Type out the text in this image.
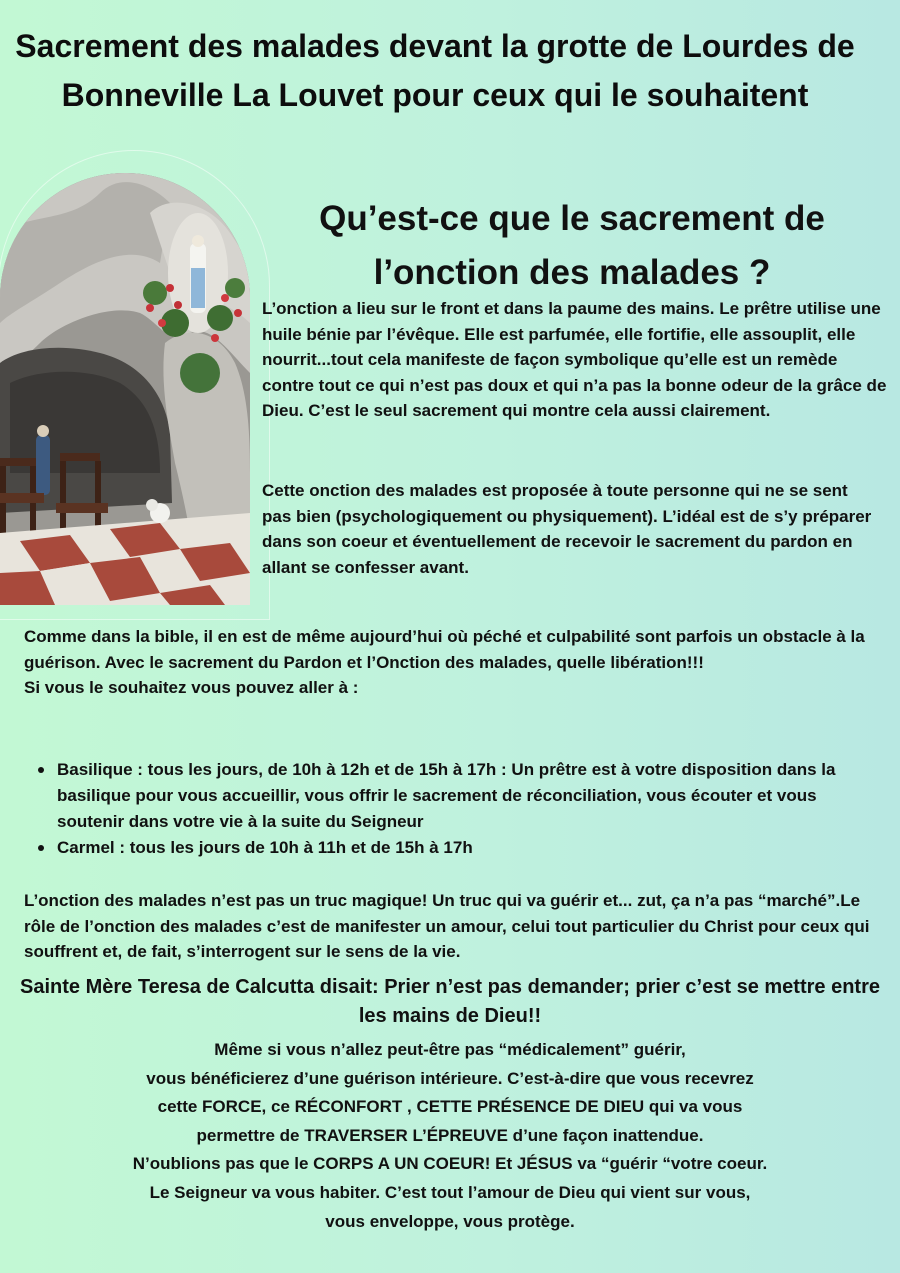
Sacrement des malades devant la grotte de Lourdes de Bonneville La Louvet pour ceux qui le souhaitent
Qu’est-ce que le sacrement de l’onction des malades ?

L’onction a lieu sur le front et dans la paume des mains. Le prêtre utilise une huile bénie par l’évêque. Elle est parfumée, elle fortifie, elle assouplit, elle nourrit...tout cela manifeste de façon symbolique qu’elle est un remède contre tout ce qui n’est pas doux et qui n’a pas la bonne odeur de la grâce de Dieu. C’est le seul sacrement qui montre cela aussi clairement.

Cette onction des malades est proposée à toute personne qui ne se sent pas bien (psychologiquement ou physiquement). L’idéal est de s’y préparer dans son coeur et éventuellement de recevoir le sacrement du pardon en allant se confesser avant.

Comme dans la bible, il en est de même aujourd’hui où péché et culpabilité sont parfois un obstacle à la guérison. Avec le sacrement du Pardon et l’Onction des malades, quelle libération!!!
Si vous le souhaitez vous pouvez aller à :
Basilique : tous les jours, de 10h à 12h et de 15h à 17h : Un prêtre est à votre disposition dans la basilique pour vous accueillir, vous offrir le sacrement de réconciliation, vous écouter et vous soutenir dans votre vie à la suite du Seigneur
Carmel : tous les jours de 10h à 11h et de 15h à 17h

L’onction des malades n’est pas un truc magique! Un truc qui va guérir et... zut, ça n’a pas “marché”.Le rôle de l’onction des malades c’est de manifester un amour, celui tout particulier du Christ pour ceux qui souffrent et, de fait, s’interrogent sur le sens de la vie.

Sainte Mère Teresa de Calcutta disait: Prier n’est pas demander; prier c’est se mettre entre les mains de Dieu!!

Même si vous n’allez peut-être pas “médicalement” guérir,
vous bénéficierez d’une guérison intérieure. C’est-à-dire que vous recevrez
cette FORCE, ce RÉCONFORT , CETTE PRÉSENCE DE DIEU qui va vous
permettre de TRAVERSER L’ÉPREUVE d’une façon inattendue.
N’oublions pas que le CORPS A UN COEUR! Et JÉSUS va “guérir “votre coeur.
Le Seigneur va vous habiter. C’est tout l’amour de Dieu qui vient sur vous,
vous enveloppe, vous protège.
